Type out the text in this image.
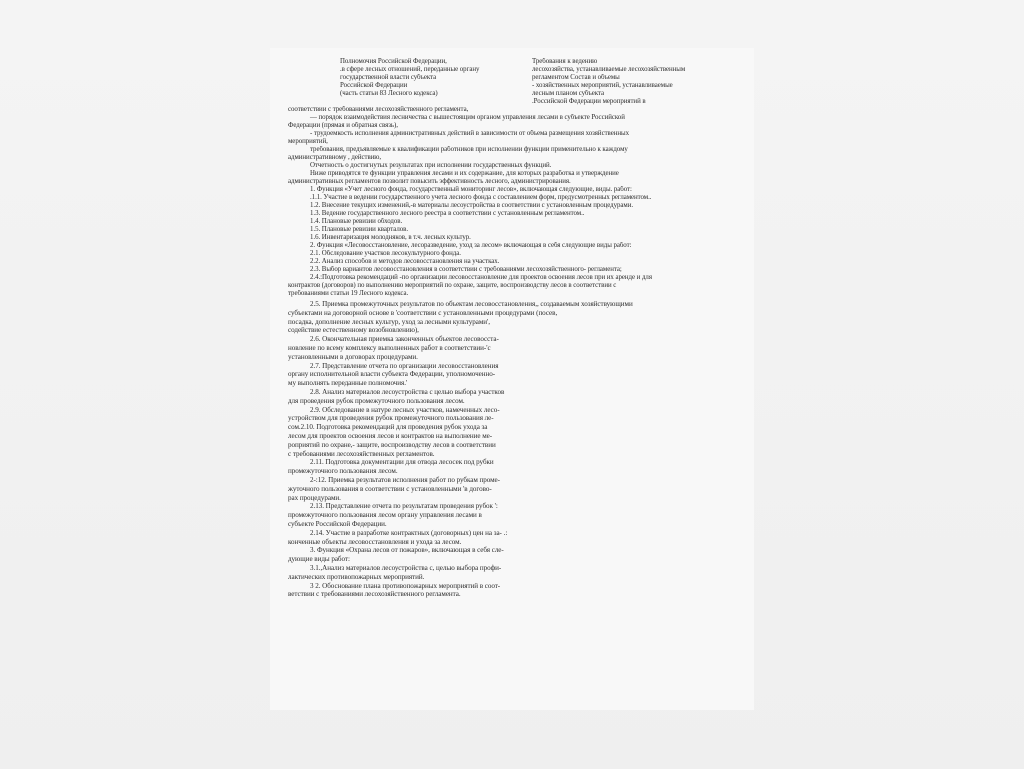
Полномочия Российской Федерации,
.в сфере лесных отношений, переданные органу
государственной власти субъекта
Российской Федерации
(часть статьи 83 Лесного кодекса)
Требования к ведению
лесохозяйства, устанавливаемые лесохозяйственным
регламентом Состав и объемы
- хозяйственных мероприятий, устанавливаемые
лесным планом субъекта
.Российской Федерации мероприятий в
соответствии с требованиями лесохозяйственного регламента,
— порядок взаимодействия лесничества с вышестоящим органом управления лесами в субъекте Российской
Федерации (прямая и обратная связь),
- трудоемкость исполнения административных действий в зависимости от объема размещения хозяйственных
мероприятий,
требования, предъявляемые к квалификации работников при исполнении функции применительно к каждому
административному , действию,
Отчетность о достигнутых результатах при исполнении государственных функций.
Ниже приводятся те функции управления лесами и их содержание, для которых разработка и утверждение
административных регламентов позволит повысить эффективность лесного, администрирования.
1. Функция «Учет лесного фонда, государственный мониторинг лесов», включающая следующие, виды. работ:
.1.1. Участие в ведении государственного учета лесного фонда с составлением форм, предусмотренных регламентом..
1.2. Внесение текущих изменений,-в материалы лесоустройства в соответствии с установленным процедурами.
1.3. Ведение государственного лесного реестра в соответствии с установленным регламентом..
1.4. Плановые ревизии обходов.
1.5. Плановые ревизии кварталов.
1.6. Инвентаризация молодняков, в т.ч. лесных культур.
2. Функция «Лесовосстановление, лесоразведение, уход за лесом» включающая в себя следующие виды работ:
2.1. Обследование участков лесокультурного фонда.
2.2. Анализ способов и методов лесовосстановления на участках.
2.3. Выбор вариантов лесовосстановления в соответствии с требованиями лесохозяйственного- регламента;
2.4.:Подготовка рекомендаций -по организации лесовосстановление для проектов освоения лесов при их аренде и для
контрактов (договоров) по выполнению мероприятий по охране, защите, воспроизводству лесов в соответствии с
требованиями статьи 19 Лесного кодекса.
2.5. Приемка промежуточных результатов по объектам лесовосстановления,, создаваемым хозяйствующими
субъектами на договорной основе в 'соответствии с установленными процедурами (посев,
посадка, дополнение лесных культур, уход за лесными культурами',
содействие естественному возобновлению),
2.6. Окончательная приемка законченных объектов лесовосста-
новление по всему комплексу выполненных работ в соответствии-'с
установленными в договорах процедурами.
2.7. Представление отчета по организации лесовосстановления
органу исполнительной власти субъекта Федерации, уполномоченно-
му выполнять переданные полномочия.'
2.8. Анализ материалов лесоустройства с целью выбора участков
для проведения рубок промежуточного пользования лесом.
2.9. Обследование в натуре лесных участков, намеченных лесо-
устройством для проведения рубок промежуточного пользования ле-
сом.2.10. Подготовка рекомендаций для проведения рубок ухода за
лесом для проектов освоения лесов и контрактов на выполнение ме-
роприятий по охране,- защите, воспроизводству лесов в соответствии
с требованиями лесохозяйственных регламентов.
2.11. Подготовка документации для отвода лесосек под рубки
промежуточного пользования лесом.
2-:12. Приемка результатов исполнения работ по рубкам проме-
жуточного пользования в соответствии с установленными 'в догово-
рах процедурами.
2.13. Представление отчета по результатам проведения рубок ':
промежуточного пользования лесом органу управления лесами в
субъекте Российской Федерации.
2.14. Участие в разработке контрактных (договорных) цен на за- .:
конченные объекты лесовосстановления и ухода за лесом.
3. Функция «Охрана лесов от пожаров», включающая в себя сле-
дующие виды работ:
3.1.,Анализ материалов лесоустройства с, целью выбора профи-
лактических противопожарных мероприятий.
3 2. Обоснование плана противопожарных мероприятий в соот-
ветствии с требованиями лесохозяйственного регламента.
